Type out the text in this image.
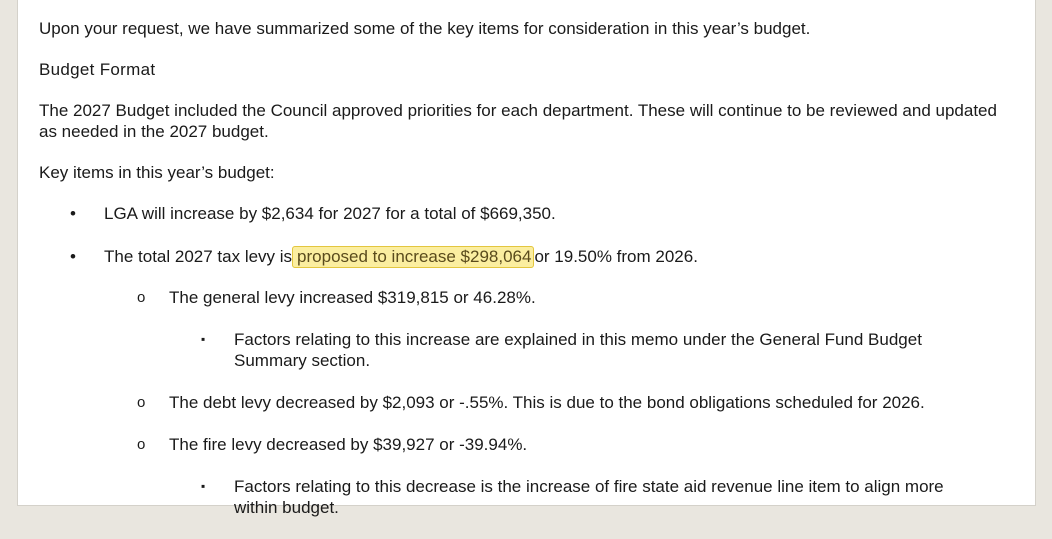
Upon your request, we have summarized some of the key items for consideration in this year’s budget.

Budget Format

The 2027 Budget included the Council approved priorities for each department. These will continue to be reviewed and updated as needed in the 2027 budget.

Key items in this year’s budget:

• LGA will increase by $2,634 for 2027 for a total of $669,350.
• The total 2027 tax levy is proposed to increase $298,064 or 19.50% from 2026.
o The general levy increased $319,815 or 46.28%.
▪ Factors relating to this increase are explained in this memo under the General Fund Budget Summary section.
o The debt levy decreased by $2,093 or -.55%. This is due to the bond obligations scheduled for 2026.
o The fire levy decreased by $39,927 or -39.94%.
▪ Factors relating to this decrease is the increase of fire state aid revenue line item to align more within budget.
